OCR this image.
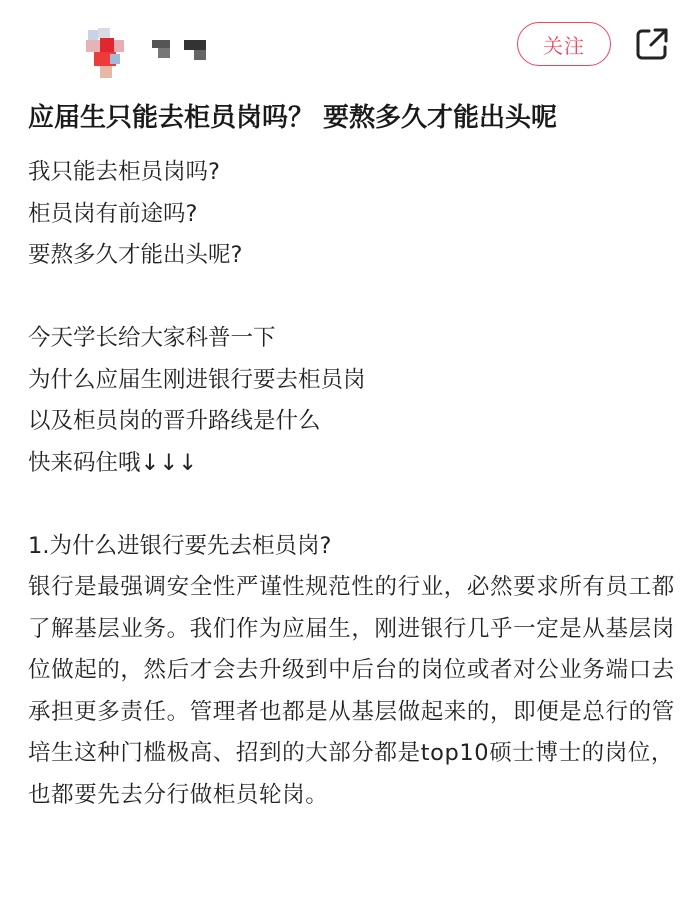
关注
应届生只能去柜员岗吗？ 要熬多久才能出头呢
我只能去柜员岗吗?
柜员岗有前途吗?
要熬多久才能出头呢?
今天学长给大家科普一下
为什么应届生刚进银行要去柜员岗
以及柜员岗的晋升路线是什么
快来码住哦↓↓↓
1.为什么进银行要先去柜员岗?
银行是最强调安全性严谨性规范性的行业，必然要求所有员工都了解基层业务。我们作为应届生，刚进银行几乎一定是从基层岗位做起的，然后才会去升级到中后台的岗位或者对公业务端口去承担更多责任。管理者也都是从基层做起来的，即便是总行的管培生这种门槛极高、招到的大部分都是top10硕士博士的岗位，也都要先去分行做柜员轮岗。
